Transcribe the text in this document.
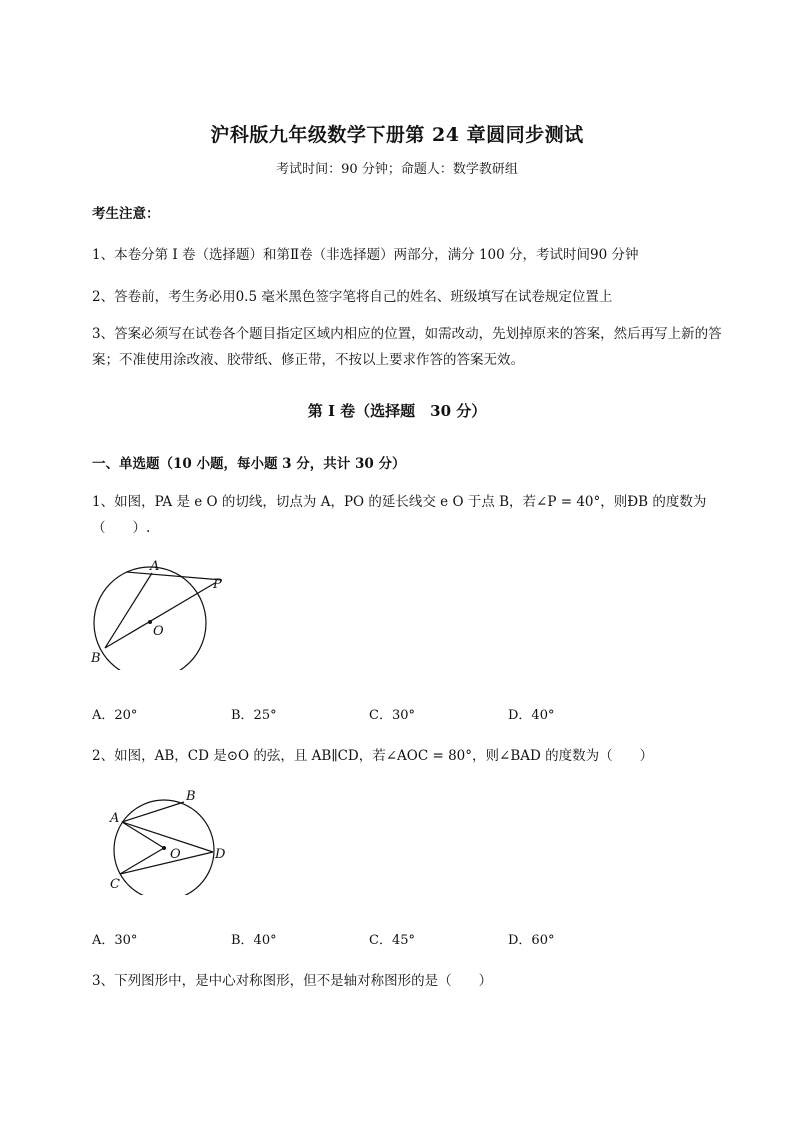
沪科版九年级数学下册第 24 章圆同步测试
考试时间：90 分钟；命题人：数学教研组
考生注意：
1、本卷分第 I 卷（选择题）和第Ⅱ卷（非选择题）两部分，满分 100 分，考试时间90 分钟
2、答卷前，考生务必用0.5 毫米黑色签字笔将自己的姓名、班级填写在试卷规定位置上
3、答案必须写在试卷各个题目指定区域内相应的位置，如需改动，先划掉原来的答案，然后再写上新的答案；不准使用涂改液、胶带纸、修正带，不按以上要求作答的答案无效。
第 I 卷（选择题　30 分）
一、单选题（10 小题，每小题 3 分，共计 30 分）
1、如图，PA 是 e O 的切线，切点为 A，PO 的延长线交 e O 于点 B，若∠P = 40°，则ÐB 的度数为（　　）.
A
P
O
B
A．20°	B．25°	C．30°	D．40°
2、如图，AB，CD 是⊙O 的弦，且 AB∥CD，若∠AOC = 80°，则∠BAD 的度数为（　　）
B
A
O	D
C
A．30°	B．40°	C．45°	D．60°
3、下列图形中，是中心对称图形，但不是轴对称图形的是（　　）
